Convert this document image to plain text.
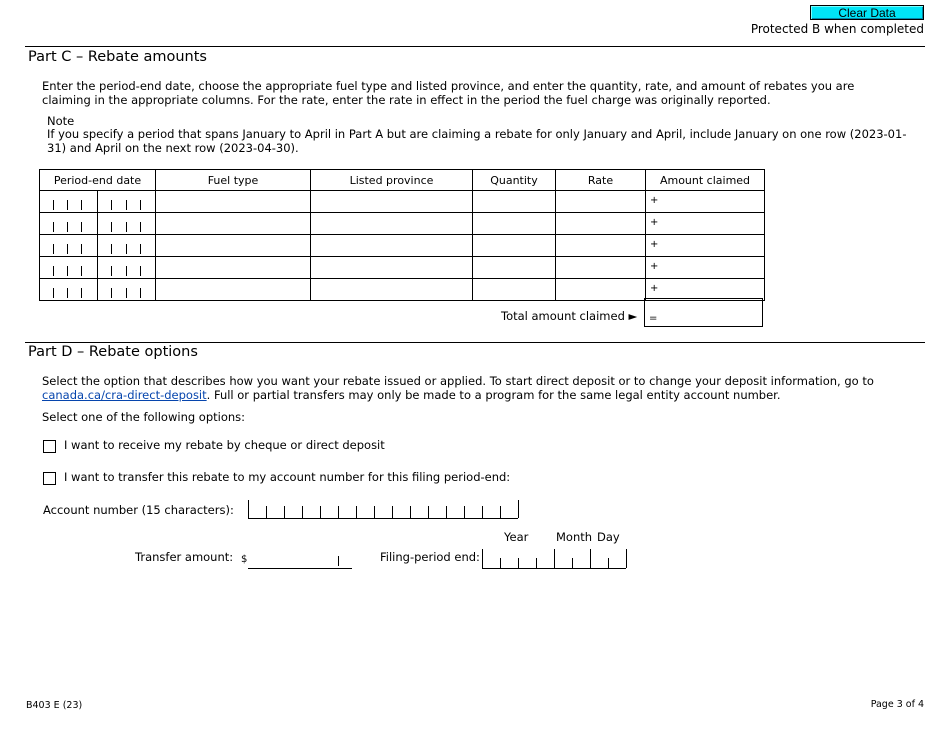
Clear Data
Protected B when completed
Part C – Rebate amounts
Enter the period-end date, choose the appropriate fuel type and listed province, and enter the quantity, rate, and amount of rebates you are claiming in the appropriate columns. For the rate, enter the rate in effect in the period the fuel charge was originally reported.
Note
If you specify a period that spans January to April in Part A but are claiming a rebate for only January and April, include January on one row (2023-01-31) and April on the next row (2023-04-30).
Period-end date	Fuel type	Listed province	Quantity	Rate	Amount claimed

					+

					+

					+

					+

					+
Total amount claimed ► =
Part D – Rebate options
Select the option that describes how you want your rebate issued or applied. To start direct deposit or to change your deposit information, go to canada.ca/cra-direct-deposit. Full or partial transfers may only be made to a program for the same legal entity account number.
Select one of the following options:
I want to receive my rebate by cheque or direct deposit
I want to transfer this rebate to my account number for this filing period-end:
Account number (15 characters):
Year Month Day
Transfer amount: $	Filing-period end:
B403 E (23)	Page 3 of 4
